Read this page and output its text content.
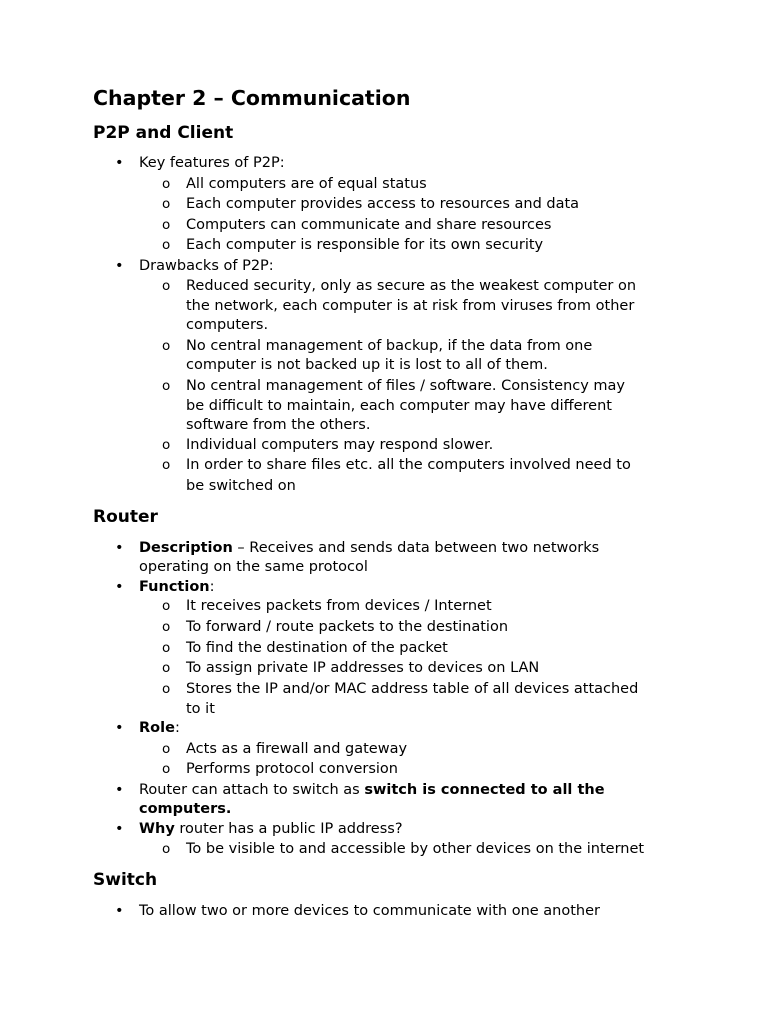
Chapter 2 – Communication
P2P and Client
• Key features of P2P:
o All computers are of equal status
o Each computer provides access to resources and data
o Computers can communicate and share resources
o Each computer is responsible for its own security
• Drawbacks of P2P:
o Reduced security, only as secure as the weakest computer on
the network, each computer is at risk from viruses from other
computers.
o No central management of backup, if the data from one
computer is not backed up it is lost to all of them.
o No central management of files / software. Consistency may
be difficult to maintain, each computer may have different
software from the others.
o Individual computers may respond slower.
o In order to share files etc. all the computers involved need to
be switched on
Router
• Description – Receives and sends data between two networks
operating on the same protocol
• Function:
o It receives packets from devices / Internet
o To forward / route packets to the destination
o To find the destination of the packet
o To assign private IP addresses to devices on LAN
o Stores the IP and/or MAC address table of all devices attached
to it
• Role:
o Acts as a firewall and gateway
o Performs protocol conversion
• Router can attach to switch as switch is connected to all the
computers.
• Why router has a public IP address?
o To be visible to and accessible by other devices on the internet
Switch
• To allow two or more devices to communicate with one another
